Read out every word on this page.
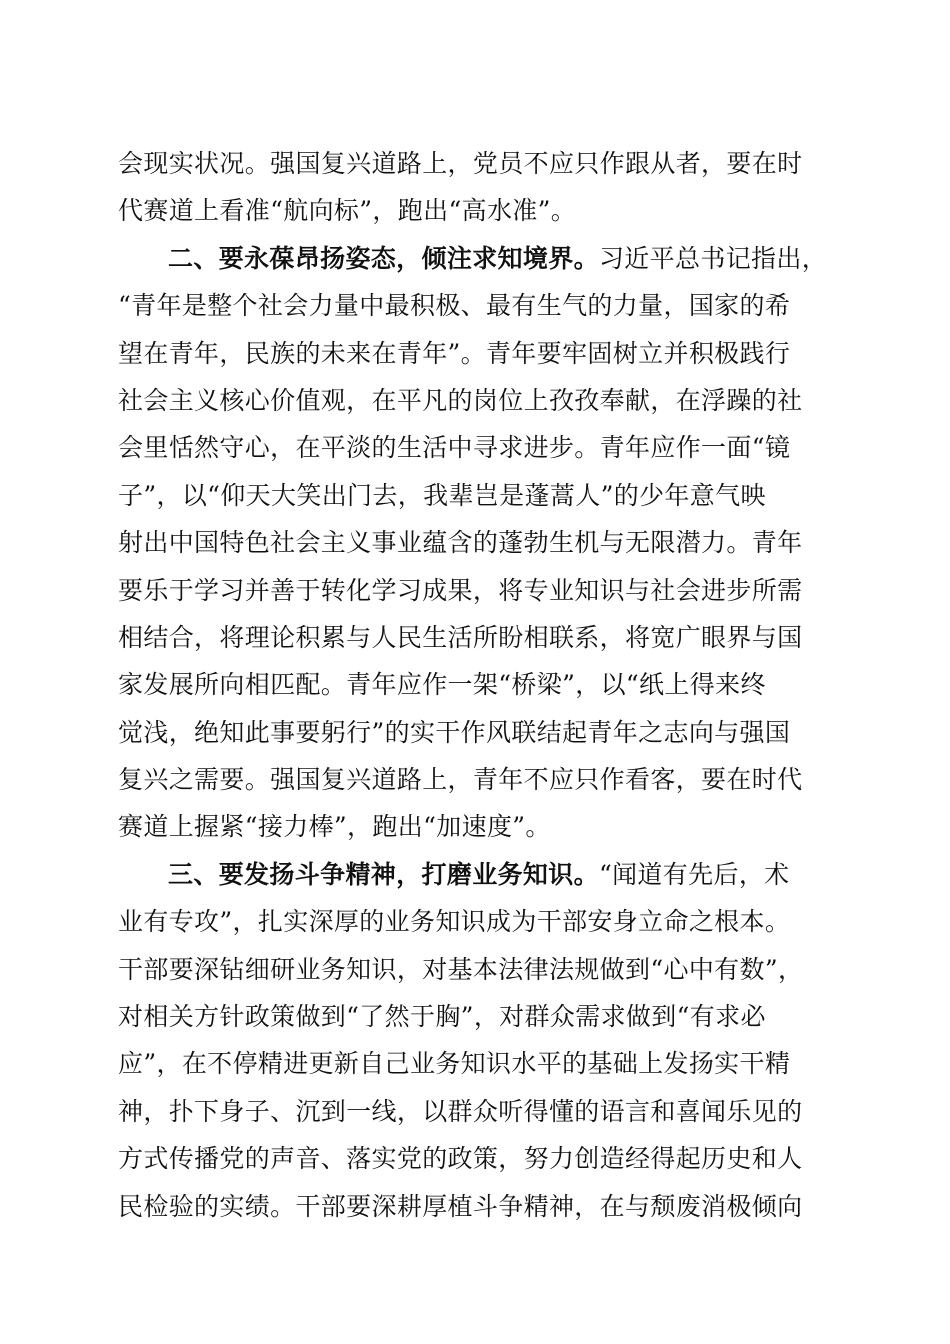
会现实状况。强国复兴道路上，党员不应只作跟从者，要在时
代赛道上看准“航向标”，跑出“高水准”。
二、要永葆昂扬姿态，倾注求知境界。习近平总书记指出，
“青年是整个社会力量中最积极、最有生气的力量，国家的希
望在青年，民族的未来在青年”。青年要牢固树立并积极践行
社会主义核心价值观，在平凡的岗位上孜孜奉献，在浮躁的社
会里恬然守心，在平淡的生活中寻求进步。青年应作一面“镜
子”，以“仰天大笑出门去，我辈岂是蓬蒿人”的少年意气映
射出中国特色社会主义事业蕴含的蓬勃生机与无限潜力。青年
要乐于学习并善于转化学习成果，将专业知识与社会进步所需
相结合，将理论积累与人民生活所盼相联系，将宽广眼界与国
家发展所向相匹配。青年应作一架“桥梁”，以“纸上得来终
觉浅，绝知此事要躬行”的实干作风联结起青年之志向与强国
复兴之需要。强国复兴道路上，青年不应只作看客，要在时代
赛道上握紧“接力棒”，跑出“加速度”。
三、要发扬斗争精神，打磨业务知识。“闻道有先后，术
业有专攻”，扎实深厚的业务知识成为干部安身立命之根本。
干部要深钻细研业务知识，对基本法律法规做到“心中有数”，
对相关方针政策做到“了然于胸”，对群众需求做到“有求必
应”，在不停精进更新自己业务知识水平的基础上发扬实干精
神，扑下身子、沉到一线，以群众听得懂的语言和喜闻乐见的
方式传播党的声音、落实党的政策，努力创造经得起历史和人
民检验的实绩。干部要深耕厚植斗争精神，在与颓废消极倾向
